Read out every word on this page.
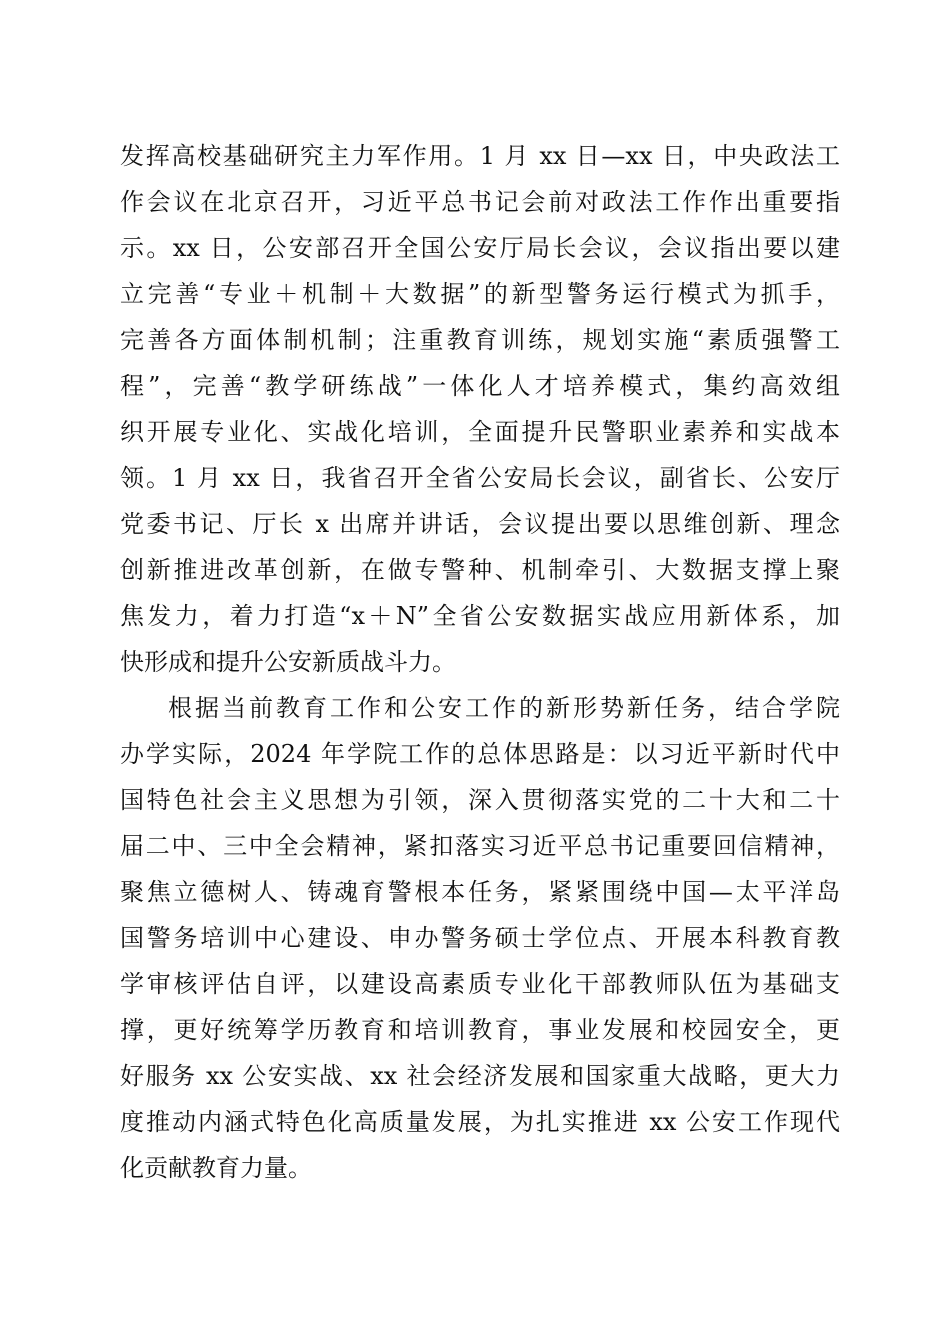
发挥高校基础研究主力军作用。1 月 xx 日—xx 日，中央政法工
作会议在北京召开，习近平总书记会前对政法工作作出重要指
示。xx 日，公安部召开全国公安厅局长会议，会议指出要以建
立完善“专业＋机制＋大数据”的新型警务运行模式为抓手，
完善各方面体制机制；注重教育训练，规划实施“素质强警工
程”，完善“教学研练战”一体化人才培养模式，集约高效组
织开展专业化、实战化培训，全面提升民警职业素养和实战本
领。1 月 xx 日，我省召开全省公安局长会议，副省长、公安厅
党委书记、厅长 x 出席并讲话，会议提出要以思维创新、理念
创新推进改革创新，在做专警种、机制牵引、大数据支撑上聚
焦发力，着力打造“x＋N”全省公安数据实战应用新体系，加
快形成和提升公安新质战斗力。
根据当前教育工作和公安工作的新形势新任务，结合学院
办学实际，2024 年学院工作的总体思路是：以习近平新时代中
国特色社会主义思想为引领，深入贯彻落实党的二十大和二十
届二中、三中全会精神，紧扣落实习近平总书记重要回信精神，
聚焦立德树人、铸魂育警根本任务，紧紧围绕中国—太平洋岛
国警务培训中心建设、申办警务硕士学位点、开展本科教育教
学审核评估自评，以建设高素质专业化干部教师队伍为基础支
撑，更好统筹学历教育和培训教育，事业发展和校园安全，更
好服务 xx 公安实战、xx 社会经济发展和国家重大战略，更大力
度推动内涵式特色化高质量发展，为扎实推进 xx 公安工作现代
化贡献教育力量。
